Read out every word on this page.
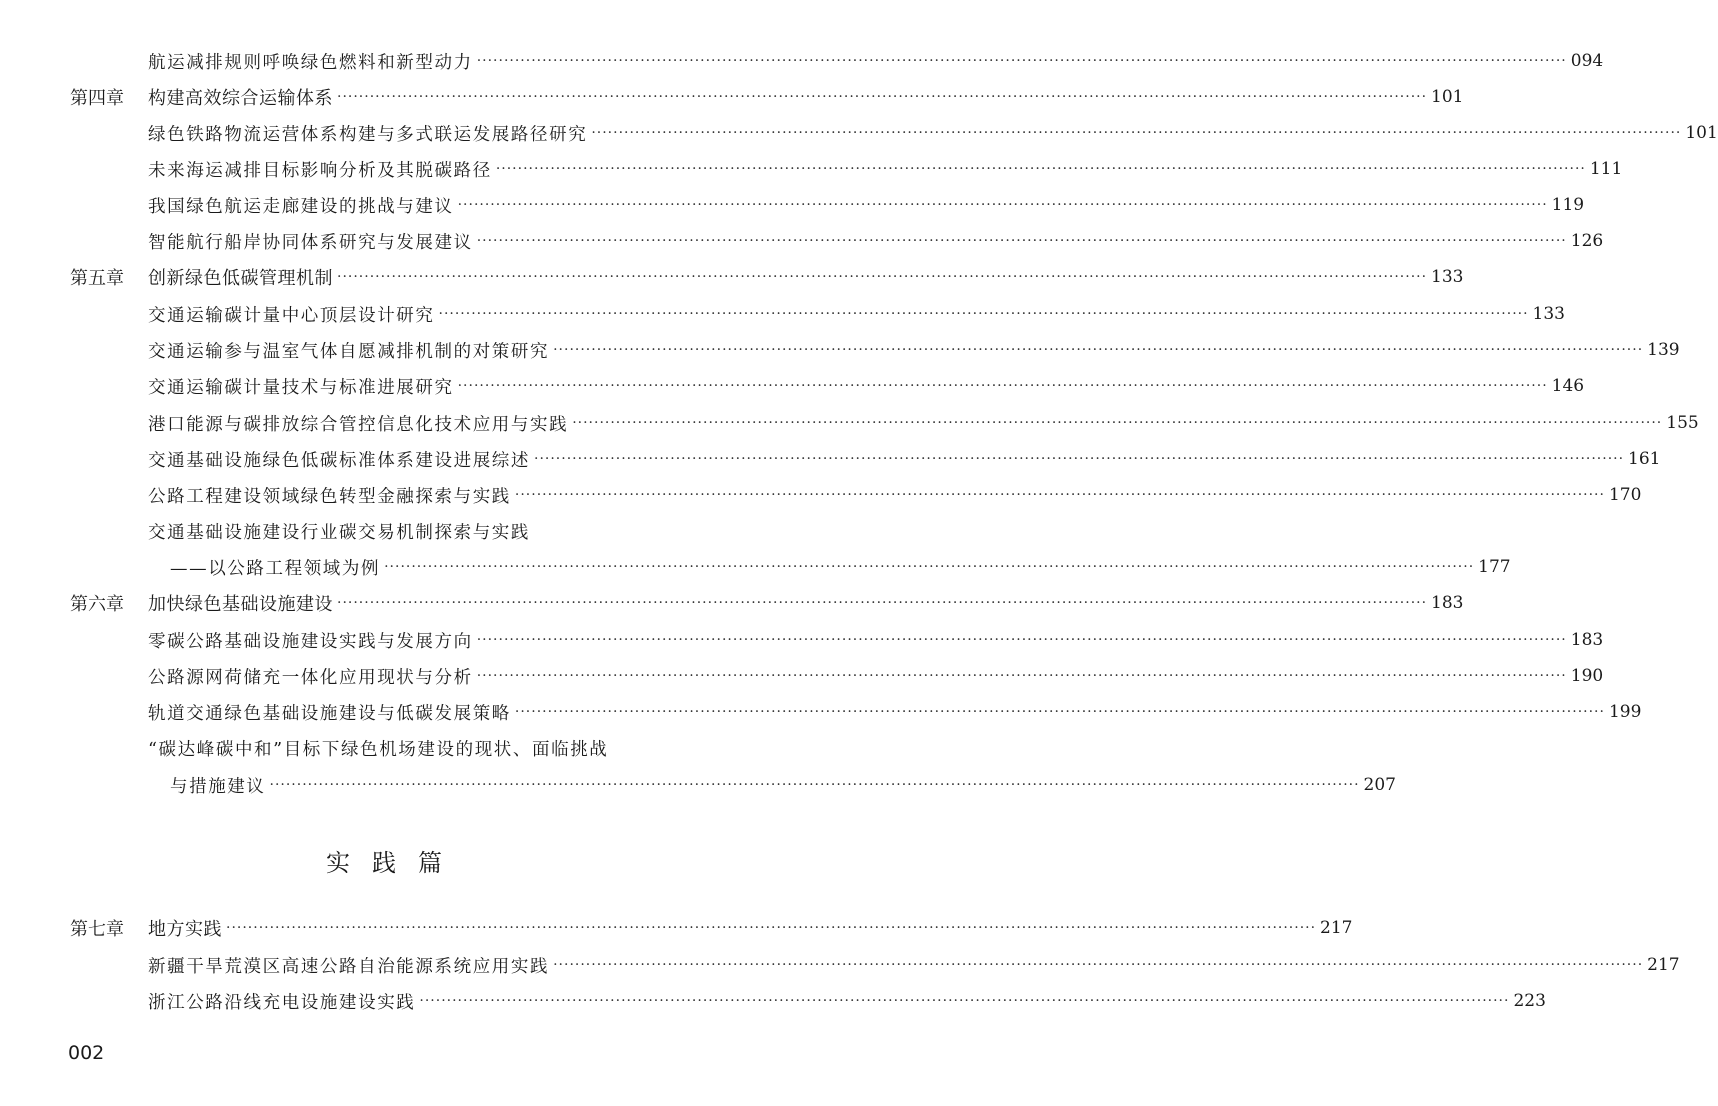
航运减排规则呼唤绿色燃料和新型动力 ········································································································································································································ 094
第四章 构建高效综合运输体系 ········································································································································································································ 101
绿色铁路物流运营体系构建与多式联运发展路径研究 ········································································································································································································ 101
未来海运减排目标影响分析及其脱碳路径 ········································································································································································································ 111
我国绿色航运走廊建设的挑战与建议 ········································································································································································································ 119
智能航行船岸协同体系研究与发展建议 ········································································································································································································ 126
第五章 创新绿色低碳管理机制 ········································································································································································································ 133
交通运输碳计量中心顶层设计研究 ········································································································································································································ 133
交通运输参与温室气体自愿减排机制的对策研究 ········································································································································································································ 139
交通运输碳计量技术与标准进展研究 ········································································································································································································ 146
港口能源与碳排放综合管控信息化技术应用与实践 ········································································································································································································ 155
交通基础设施绿色低碳标准体系建设进展综述 ········································································································································································································ 161
公路工程建设领域绿色转型金融探索与实践 ········································································································································································································ 170
交通基础设施建设行业碳交易机制探索与实践
——以公路工程领域为例 ········································································································································································································ 177
第六章 加快绿色基础设施建设 ········································································································································································································ 183
零碳公路基础设施建设实践与发展方向 ········································································································································································································ 183
公路源网荷储充一体化应用现状与分析 ········································································································································································································ 190
轨道交通绿色基础设施建设与低碳发展策略 ········································································································································································································ 199
“碳达峰碳中和”目标下绿色机场建设的现状、面临挑战
与措施建议 ········································································································································································································ 207
实践篇
第七章 地方实践 ········································································································································································································ 217
新疆干旱荒漠区高速公路自治能源系统应用实践 ········································································································································································································ 217
浙江公路沿线充电设施建设实践 ········································································································································································································ 223
002
